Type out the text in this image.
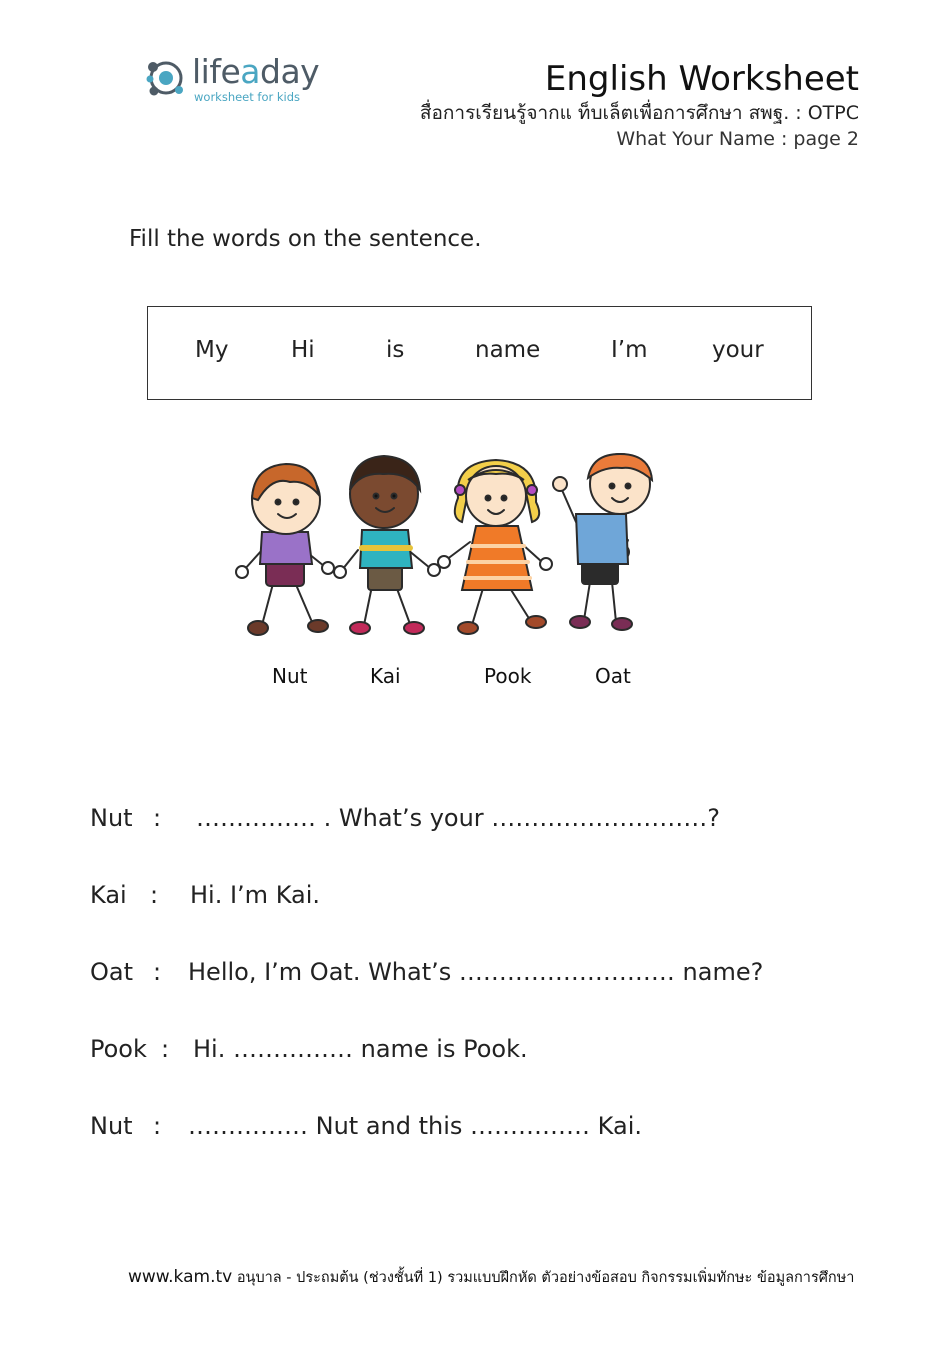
lifeaday
worksheet for kids	English Worksheet
สื่อการเรียนรู้จากแ ท็บเล็ตเพื่อการศึกษา สพฐ. : OTPC
What Your Name : page 2
Fill the words on the sentence.
My	Hi	is	name	I’m	your
Nut	Kai	Pook	Oat
Nut : …………… . What’s your ………………………?
Kai : Hi. I’m Kai.
Oat : Hello, I’m Oat. What’s ……………………… name?
Pook : Hi. …………… name is Pook.
Nut : …………… Nut and this …………… Kai.
www.kam.tv อนุบาล - ประถมต้น (ช่วงชั้นที่ 1) รวมแบบฝึกหัด ตัวอย่างข้อสอบ กิจกรรมเพิ่มทักษะ ข้อมูลการศึกษา
